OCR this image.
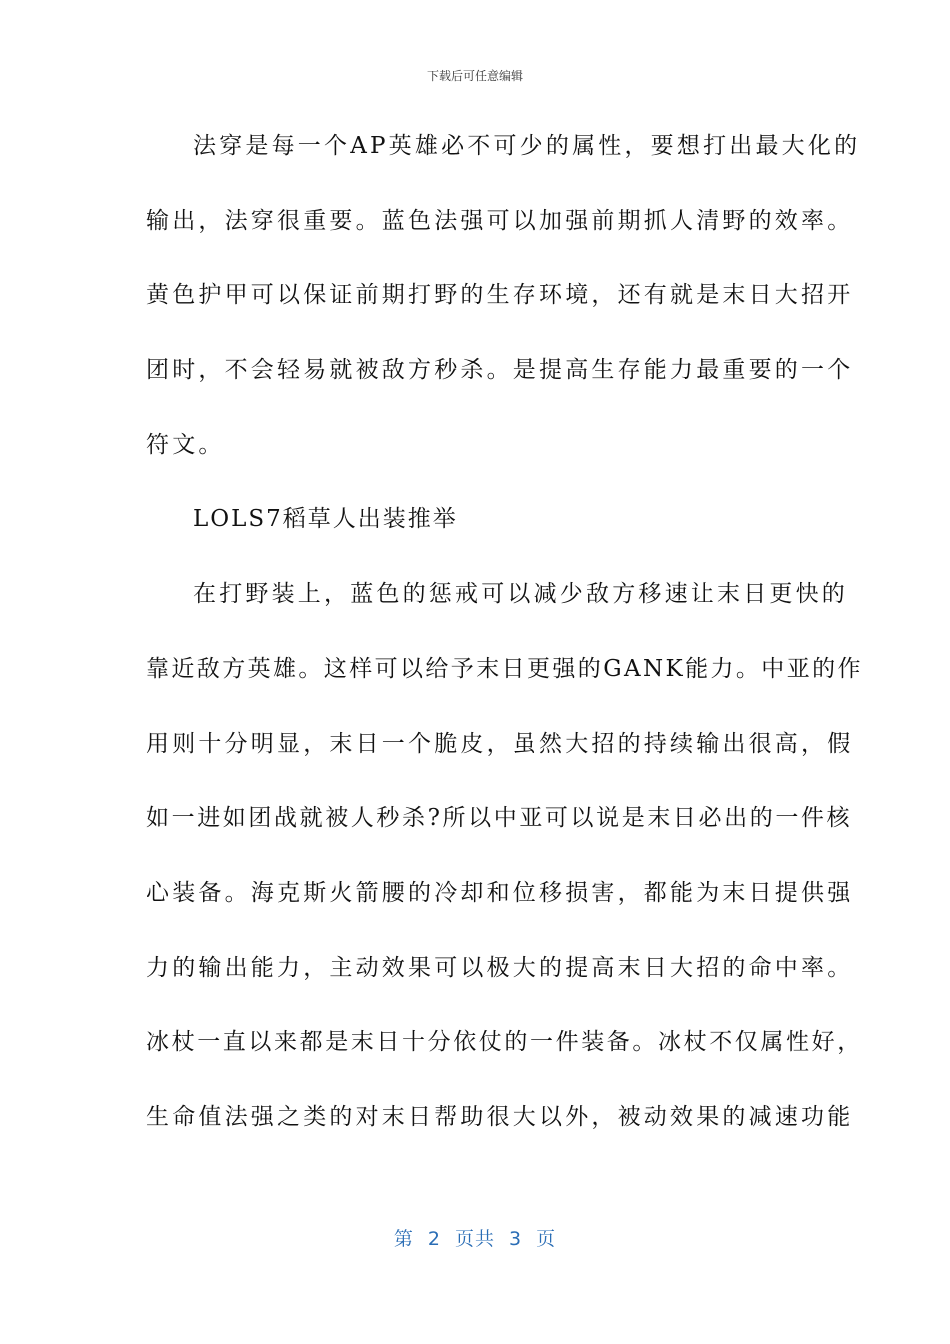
下载后可任意编辑
法穿是每一个AP英雄必不可少的属性，要想打出最大化的
输出，法穿很重要。蓝色法强可以加强前期抓人清野的效率。
黄色护甲可以保证前期打野的生存环境，还有就是末日大招开
团时，不会轻易就被敌方秒杀。是提高生存能力最重要的一个
符文。
LOLS7稻草人出装推举
在打野装上，蓝色的惩戒可以减少敌方移速让末日更快的
靠近敌方英雄。这样可以给予末日更强的GANK能力。中亚的作
用则十分明显，末日一个脆皮，虽然大招的持续输出很高，假
如一进如团战就被人秒杀?所以中亚可以说是末日必出的一件核
心装备。海克斯火箭腰的冷却和位移损害，都能为末日提供强
力的输出能力，主动效果可以极大的提高末日大招的命中率。
冰杖一直以来都是末日十分依仗的一件装备。冰杖不仅属性好，
生命值法强之类的对末日帮助很大以外，被动效果的减速功能
第 2 页共 3 页
